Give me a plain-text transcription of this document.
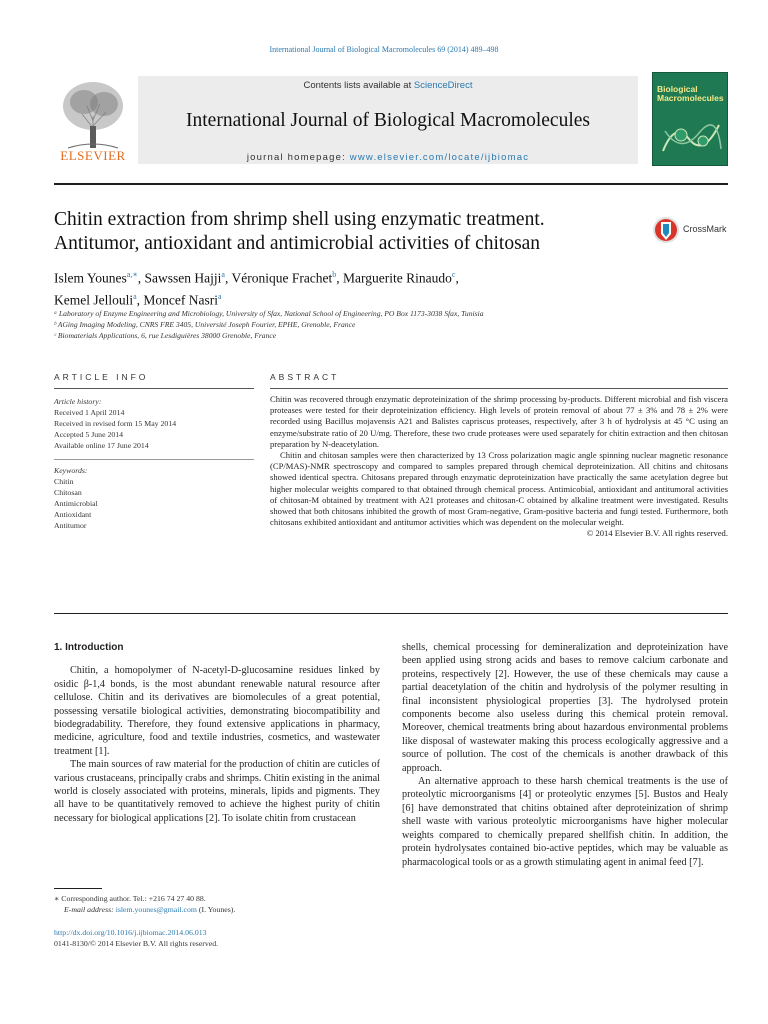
International Journal of Biological Macromolecules 69 (2014) 489–498
ELSEVIER
Contents lists available at ScienceDirect
International Journal of Biological Macromolecules
journal homepage: www.elsevier.com/locate/ijbiomac
Biological
Macromolecules
Chitin extraction from shrimp shell using enzymatic treatment.
Antitumor, antioxidant and antimicrobial activities of chitosan
CrossMark
Islem Younes$^{a,∗}$, Sawssen Hajji$^a$, Véronique Frachet$^b$, Marguerite Rinaudo$^c$,
Kemel Jellouli$^a$, Moncef Nasri$^a$
ᵃ Laboratory of Enzyme Engineering and Microbiology, University of Sfax, National School of Engineering, PO Box 1173-3038 Sfax, Tunisia
ᵇ AGing Imaging Modeling, CNRS FRE 3405, Université Joseph Fourier, EPHE, Grenoble, France
ᶜ Biomaterials Applications, 6, rue Lesdiguières 38000 Grenoble, France
ARTICLE INFO	ABSTRACT
Article history:
Received 1 April 2014
Received in revised form 15 May 2014
Accepted 5 June 2014
Available online 17 June 2014
Keywords:
Chitin
Chitosan
Antimicrobial
Antioxidant
Antitumor

Chitin was recovered through enzymatic deproteinization of the shrimp processing by-products. Different microbial and fish viscera proteases were tested for their deproteinization efficiency. High levels of protein removal of about 77 ± 3% and 78 ± 2% were recorded using Bacillus mojavensis A21 and Balistes capriscus proteases, respectively, after 3 h of hydrolysis at 45 °C using an enzyme/substrate ratio of 20 U/mg. Therefore, these two crude proteases were used separately for chitin extraction and then chitosan preparation by N-deacetylation.

Chitin and chitosan samples were then characterized by 13 Cross polarization magic angle spinning nuclear magnetic resonance (CP/MAS)-NMR spectroscopy and compared to samples prepared through chemical deproteinization. All chitins and chitosans showed identical spectra. Chitosans prepared through enzymatic deproteinization have practically the same acetylation degree but higher molecular weights compared to that obtained through chemical process. Antimicobial, antioxidant and antitumoral activities of chitosan-M obtained by treatment with A21 proteases and chitosan-C obtained by alkaline treatment were investigated. Results showed that both chitosans inhibited the growth of most Gram-negative, Gram-positive bacteria and fungi tested. Furthermore, both chitosans exhibited antioxidant and antitumor activities which was dependent on the molecular weight.

© 2014 Elsevier B.V. All rights reserved.
1. Introduction

Chitin, a homopolymer of N-acetyl-D-glucosamine residues linked by osidic β-1,4 bonds, is the most abundant renewable natural resource after cellulose. Chitin and its derivatives are biomolecules of a great potential, possessing versatile biological activities, demonstrating biocompatibility and biodegradability. Therefore, they found extensive applications in pharmacy, medicine, agriculture, food and textile industries, cosmetics, and wastewater treatment [1].

The main sources of raw material for the production of chitin are cuticles of various crustaceans, principally crabs and shrimps. Chitin existing in the animal world is closely associated with proteins, minerals, lipids and pigments. They all have to be quantitatively removed to achieve the highest purity of chitin necessary for biological applications [2]. To isolate chitin from crustacean

shells, chemical processing for demineralization and deproteinization have been applied using strong acids and bases to remove calcium carbonate and proteins, respectively [2]. However, the use of these chemicals may cause a partial deacetylation of the chitin and hydrolysis of the polymer resulting in final inconsistent physiological properties [3]. The hydrolysed protein components become also useless during this chemical protein removal. Moreover, chemical treatments bring about hazardous environmental problems like disposal of wastewater making this process ecologically aggressive and a source of pollution. The cost of the chemicals is another drawback of this approach.

An alternative approach to these harsh chemical treatments is the use of proteolytic microorganisms [4] or proteolytic enzymes [5]. Bustos and Healy [6] have demonstrated that chitins obtained after deproteinization of shrimp shell waste with various proteolytic microorganisms have higher molecular weights compared to chemically prepared shellfish chitin. In addition, the protein hydrolysates contained bio-active peptides, which may be valuable as pharmacological tools or as a growth stimulating agent in animal feed [7].

∗ Corresponding author. Tel.: +216 74 27 40 88.
E-mail address: islem.younes@gmail.com (I. Younes).
http://dx.doi.org/10.1016/j.ijbiomac.2014.06.013
0141-8130/© 2014 Elsevier B.V. All rights reserved.
